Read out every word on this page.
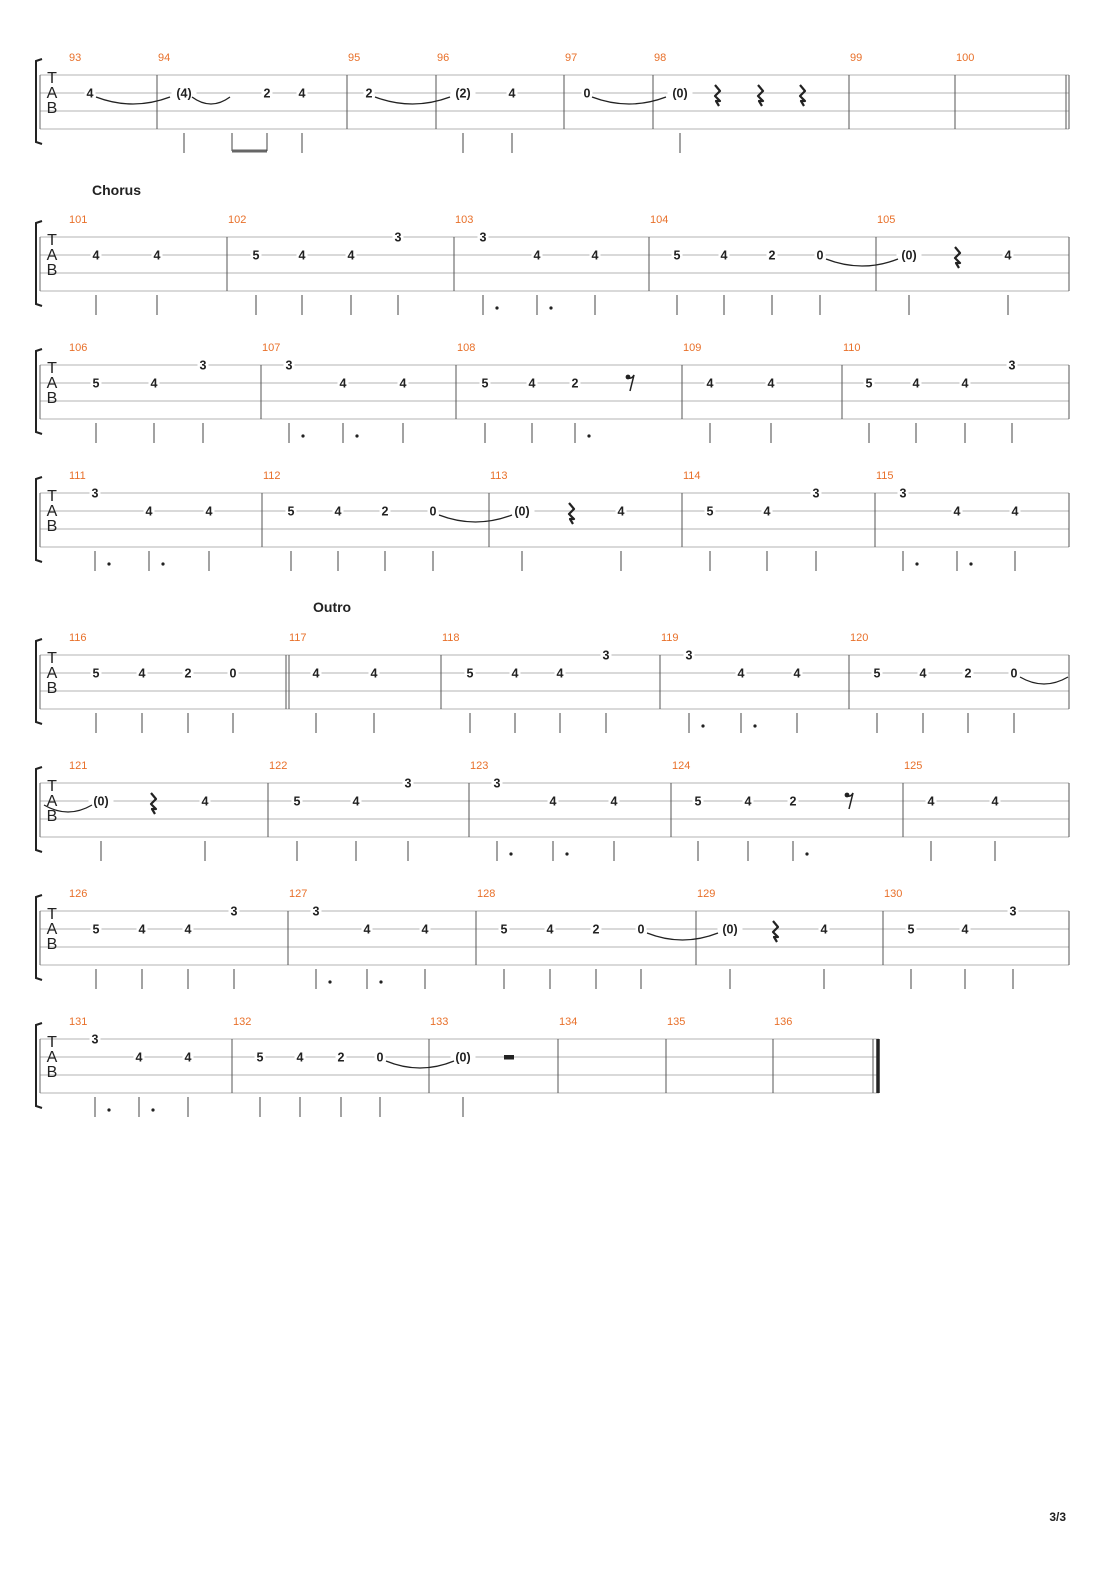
T
A
B
93	94	95	96	97	98	99	100
4	(4)	2 4	2	(2)	4	0	(0)
T
A
B
101	102	103	104	105
4	4	5	4	4
3	3
4	4	5	4	2	0	(0)	4
T
A
B
106	107	108	109	110
5	4
3	3
4	4	5	4	2	4	4	5	4	4
3
T
A
B
111	112	113	114	115
3
4	4	5	4	2	0	(0)	4	5	4
3	3
4	4
T
A
B
116	117	118	119	120
5	4	2	0	4	4	5	4	4
3	3
4	4	5	4	2	0
T
A
B
121	122	123	124	125
(0)	4	5	4
3	3
4	4	5	4	2	4	4
T
A
B
126	127	128	129	130
5	4	4
3	3
4	4	5	4	2	0	(0)	4	5	4
3
T
A
B
131	132	133	134	135	136
3
4	4	5	4	2	0	(0)
Chorus
Outro
3/3
